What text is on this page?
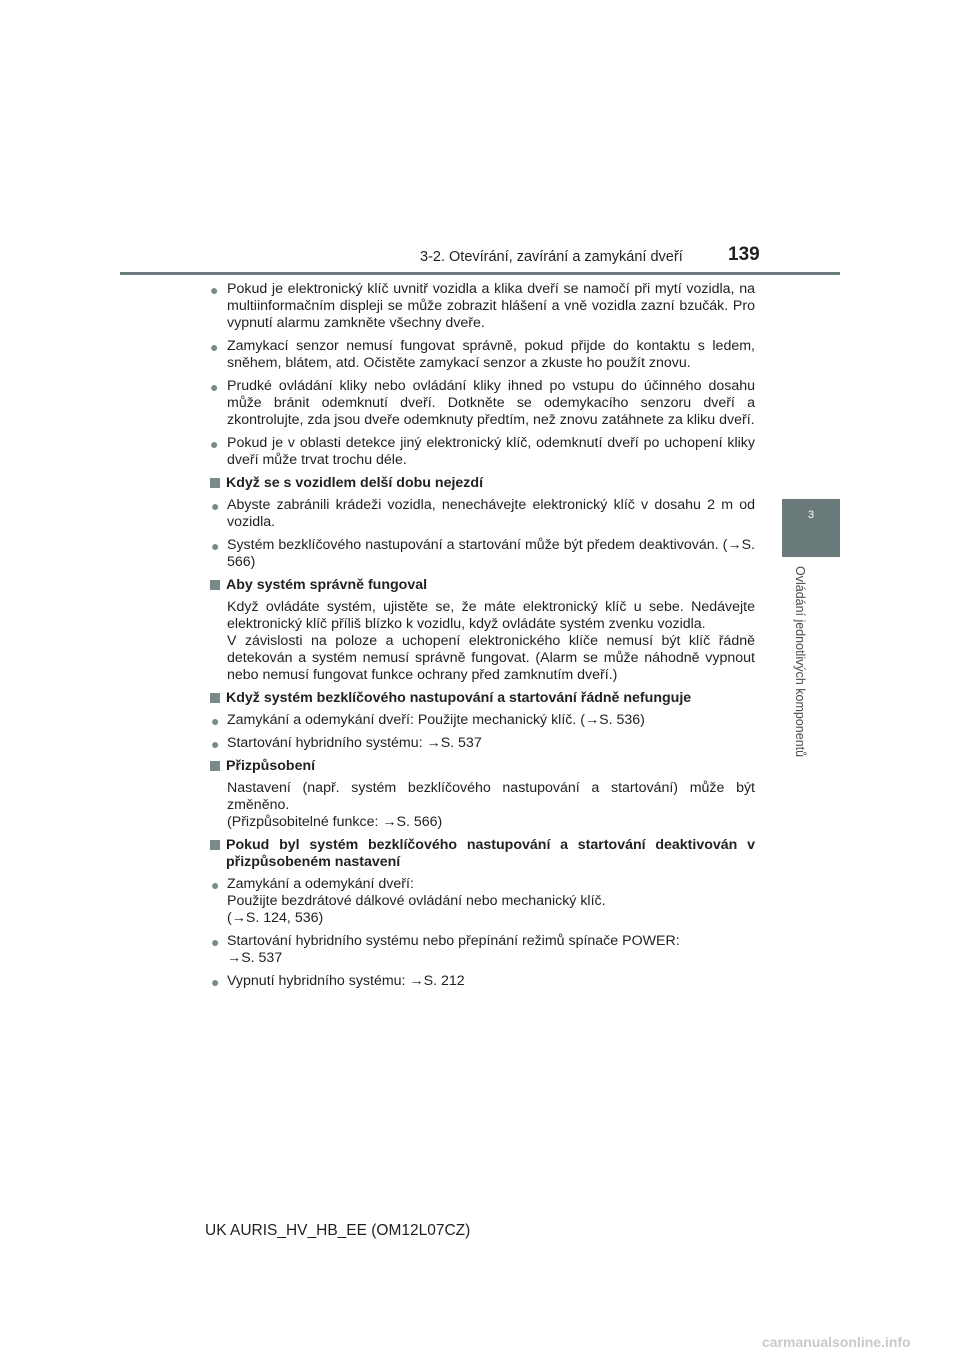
3-2. Otevírání, zavírání a zamykání dveří 139
3
Ovládání jednotlivých komponentů
● Pokud je elektronický klíč uvnitř vozidla a klika dveří se namočí při mytí vozidla, na multiinformačním displeji se může zobrazit hlášení a vně vozidla zazní bzučák. Pro vypnutí alarmu zamkněte všechny dveře.
● Zamykací senzor nemusí fungovat správně, pokud přijde do kontaktu s ledem, sněhem, blátem, atd. Očistěte zamykací senzor a zkuste ho použít znovu.
● Prudké ovládání kliky nebo ovládání kliky ihned po vstupu do účinného dosahu může bránit odemknutí dveří. Dotkněte se odemykacího senzoru dveří a zkontrolujte, zda jsou dveře odemknuty předtím, než znovu zatáhnete za kliku dveří.
● Pokud je v oblasti detekce jiný elektronický klíč, odemknutí dveří po uchopení kliky dveří může trvat trochu déle.
Když se s vozidlem delší dobu nejezdí
● Abyste zabránili krádeži vozidla, nenechávejte elektronický klíč v dosahu 2 m od vozidla.
● Systém bezklíčového nastupování a startování může být předem deaktivován. (→S. 566)
Aby systém správně fungoval
Když ovládáte systém, ujistěte se, že máte elektronický klíč u sebe. Nedávejte elektronický klíč příliš blízko k vozidlu, když ovládáte systém zvenku vozidla.
V závislosti na poloze a uchopení elektronického klíče nemusí být klíč řádně detekován a systém nemusí správně fungovat. (Alarm se může náhodně vypnout nebo nemusí fungovat funkce ochrany před zamknutím dveří.)
Když systém bezklíčového nastupování a startování řádně nefunguje
● Zamykání a odemykání dveří: Použijte mechanický klíč. (→S. 536)
● Startování hybridního systému: →S. 537
Přizpůsobení
Nastavení (např. systém bezklíčového nastupování a startování) může být změněno.
(Přizpůsobitelné funkce: →S. 566)
Pokud byl systém bezklíčového nastupování a startování deaktivován v přizpůsobeném nastavení
● Zamykání a odemykání dveří:
Použijte bezdrátové dálkové ovládání nebo mechanický klíč.
(→S. 124, 536)
● Startování hybridního systému nebo přepínání režimů spínače POWER:
→S. 537
● Vypnutí hybridního systému: →S. 212
UK AURIS_HV_HB_EE (OM12L07CZ)
carmanualsonline.info
